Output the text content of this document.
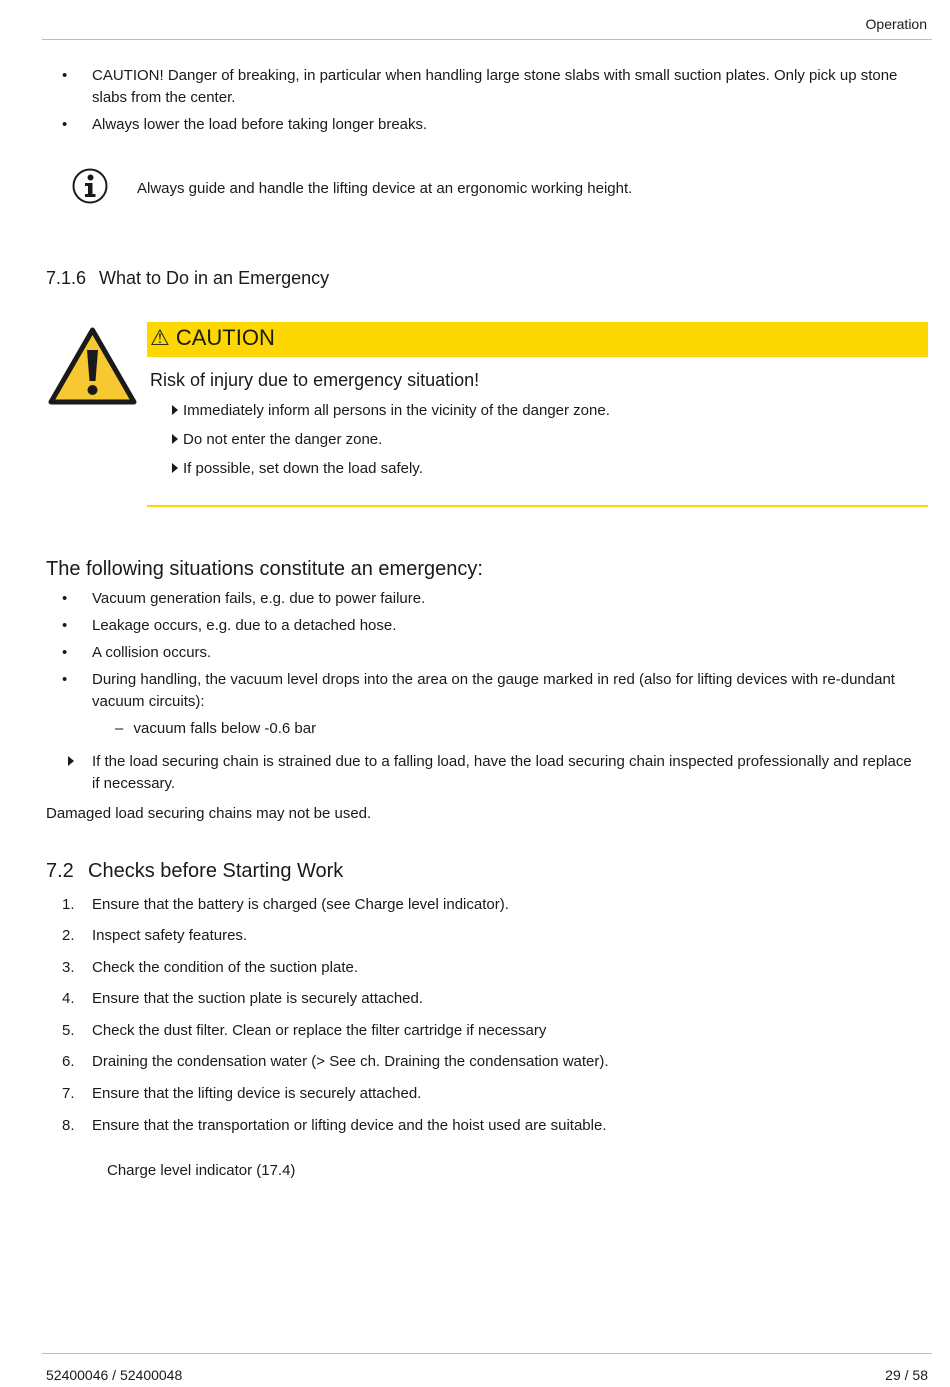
Operation
•	CAUTION! Danger of breaking, in particular when handling large stone slabs with small suction plates. Only pick up stone slabs from the center.
•	Always lower the load before taking longer breaks.
Always guide and handle the lifting device at an ergonomic working height.
7.1.6 What to Do in an Emergency
⚠ CAUTION
Risk of injury due to emergency situation!
Immediately inform all persons in the vicinity of the danger zone.
Do not enter the danger zone.
If possible, set down the load safely.
The following situations constitute an emergency:
•	Vacuum generation fails, e.g. due to power failure.
•	Leakage occurs, e.g. due to a detached hose.
•	A collision occurs.
•	During handling, the vacuum level drops into the area on the gauge marked in red (also for lifting devices with re-dundant vacuum circuits):
– vacuum falls below -0.6 bar
If the load securing chain is strained due to a falling load, have the load securing chain inspected professionally and replace if necessary.
Damaged load securing chains may not be used.
7.2 Checks before Starting Work
1. Ensure that the battery is charged (see Charge level indicator).
2. Inspect safety features.
3. Check the condition of the suction plate.
4. Ensure that the suction plate is securely attached.
5. Check the dust filter. Clean or replace the filter cartridge if necessary
6. Draining the condensation water (> See ch. Draining the condensation water).
7. Ensure that the lifting device is securely attached.
8. Ensure that the transportation or lifting device and the hoist used are suitable.
Charge level indicator (17.4)
52400046 / 52400048	29 / 58
